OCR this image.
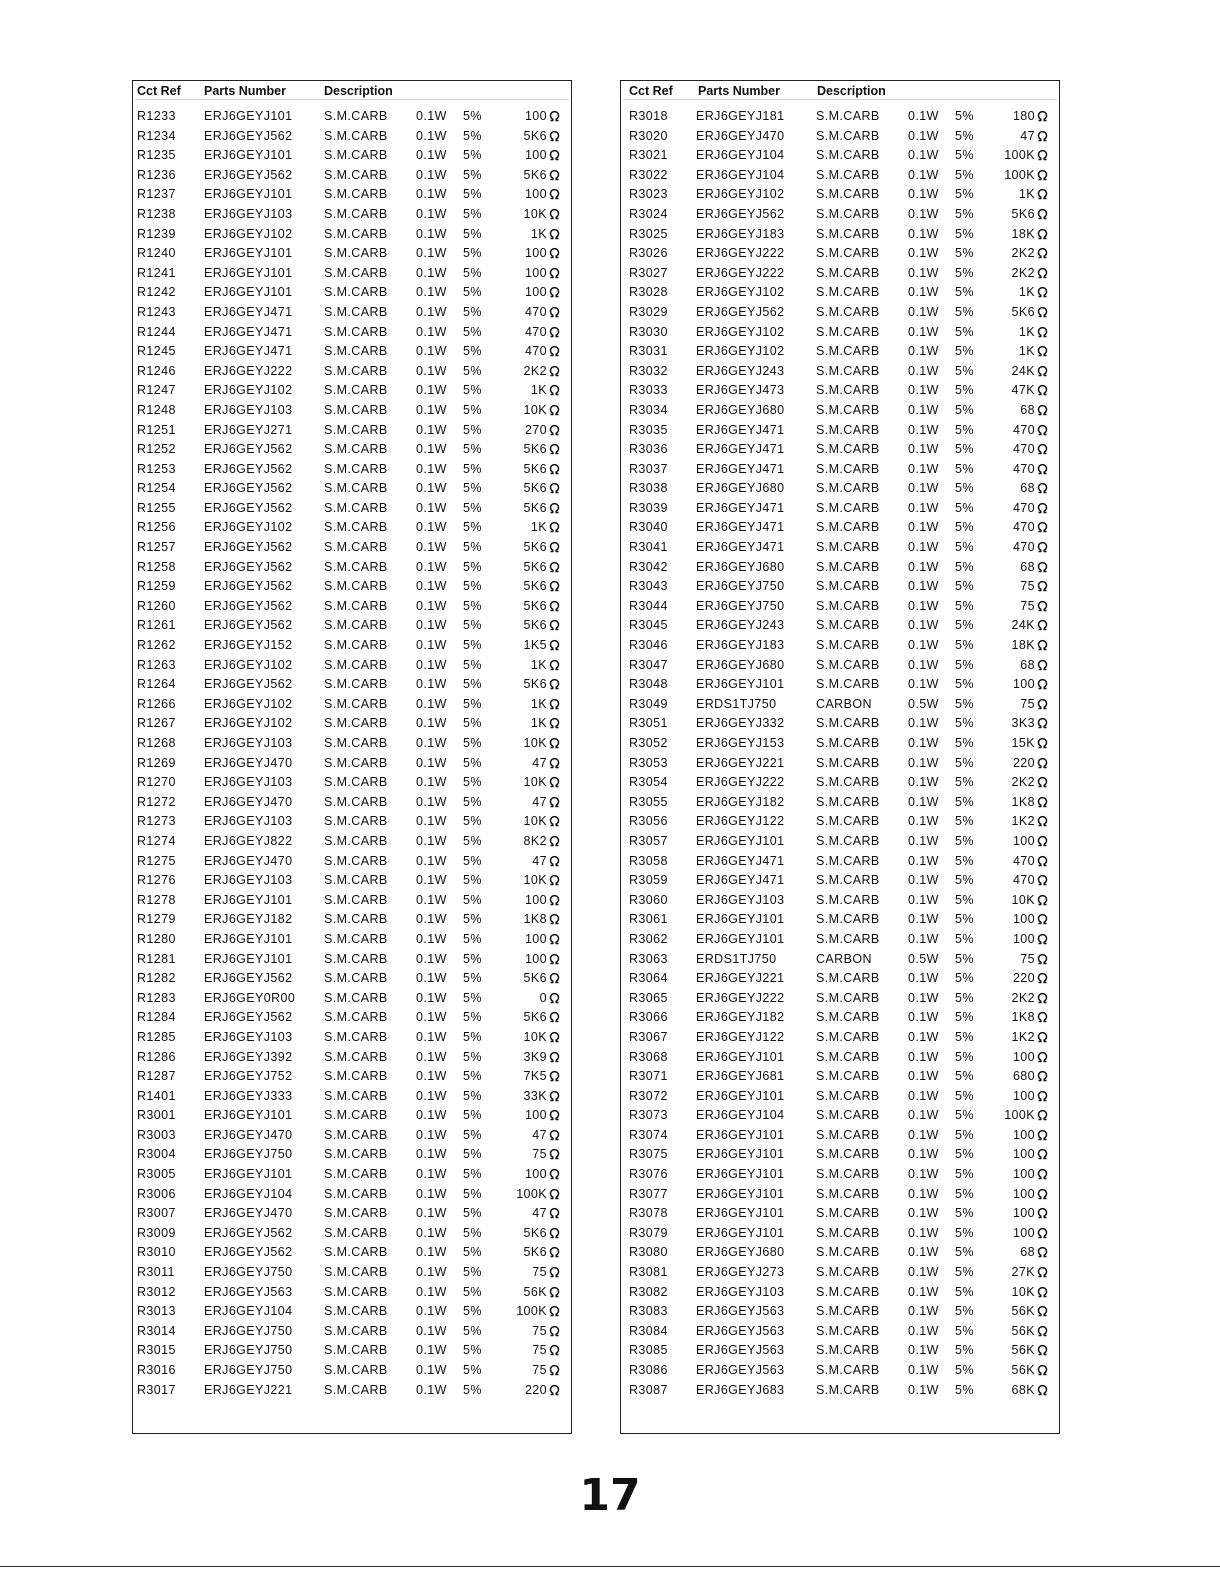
Cct Ref Parts Number	Description
R1233 ERJ6GEYJ101	S.M.CARB 0.1W 5%	100
R1234 ERJ6GEYJ562	S.M.CARB 0.1W 5%	5K6
R1235 ERJ6GEYJ101	S.M.CARB 0.1W 5%	100
R1236 ERJ6GEYJ562	S.M.CARB 0.1W 5%	5K6
R1237 ERJ6GEYJ101	S.M.CARB 0.1W 5%	100
R1238 ERJ6GEYJ103	S.M.CARB 0.1W 5%	10K
R1239 ERJ6GEYJ102	S.M.CARB 0.1W 5%	1K
R1240 ERJ6GEYJ101	S.M.CARB 0.1W 5%	100
R1241 ERJ6GEYJ101	S.M.CARB 0.1W 5%	100
R1242 ERJ6GEYJ101	S.M.CARB 0.1W 5%	100
R1243 ERJ6GEYJ471	S.M.CARB 0.1W 5%	470
R1244 ERJ6GEYJ471	S.M.CARB 0.1W 5%	470
R1245 ERJ6GEYJ471	S.M.CARB 0.1W 5%	470
R1246 ERJ6GEYJ222	S.M.CARB 0.1W 5%	2K2
R1247 ERJ6GEYJ102	S.M.CARB 0.1W 5%	1K
R1248 ERJ6GEYJ103	S.M.CARB 0.1W 5%	10K
R1251 ERJ6GEYJ271	S.M.CARB 0.1W 5%	270
R1252 ERJ6GEYJ562	S.M.CARB 0.1W 5%	5K6
R1253 ERJ6GEYJ562	S.M.CARB 0.1W 5%	5K6
R1254 ERJ6GEYJ562	S.M.CARB 0.1W 5%	5K6
R1255 ERJ6GEYJ562	S.M.CARB 0.1W 5%	5K6
R1256 ERJ6GEYJ102	S.M.CARB 0.1W 5%	1K
R1257 ERJ6GEYJ562	S.M.CARB 0.1W 5%	5K6
R1258 ERJ6GEYJ562	S.M.CARB 0.1W 5%	5K6
R1259 ERJ6GEYJ562	S.M.CARB 0.1W 5%	5K6
R1260 ERJ6GEYJ562	S.M.CARB 0.1W 5%	5K6
R1261 ERJ6GEYJ562	S.M.CARB 0.1W 5%	5K6
R1262 ERJ6GEYJ152	S.M.CARB 0.1W 5%	1K5
R1263 ERJ6GEYJ102	S.M.CARB 0.1W 5%	1K
R1264 ERJ6GEYJ562	S.M.CARB 0.1W 5%	5K6
R1266 ERJ6GEYJ102	S.M.CARB 0.1W 5%	1K
R1267 ERJ6GEYJ102	S.M.CARB 0.1W 5%	1K
R1268 ERJ6GEYJ103	S.M.CARB 0.1W 5%	10K
R1269 ERJ6GEYJ470	S.M.CARB 0.1W 5%	47
R1270 ERJ6GEYJ103	S.M.CARB 0.1W 5%	10K
R1272 ERJ6GEYJ470	S.M.CARB 0.1W 5%	47
R1273 ERJ6GEYJ103	S.M.CARB 0.1W 5%	10K
R1274 ERJ6GEYJ822	S.M.CARB 0.1W 5%	8K2
R1275 ERJ6GEYJ470	S.M.CARB 0.1W 5%	47
R1276 ERJ6GEYJ103	S.M.CARB 0.1W 5%	10K
R1278 ERJ6GEYJ101	S.M.CARB 0.1W 5%	100
R1279 ERJ6GEYJ182	S.M.CARB 0.1W 5%	1K8
R1280 ERJ6GEYJ101	S.M.CARB 0.1W 5%	100
R1281 ERJ6GEYJ101	S.M.CARB 0.1W 5%	100
R1282 ERJ6GEYJ562	S.M.CARB 0.1W 5%	5K6
R1283 ERJ6GEY0R00 S.M.CARB 0.1W 5%	0
R1284 ERJ6GEYJ562	S.M.CARB 0.1W 5%	5K6
R1285 ERJ6GEYJ103	S.M.CARB 0.1W 5%	10K
R1286 ERJ6GEYJ392	S.M.CARB 0.1W 5%	3K9
R1287 ERJ6GEYJ752	S.M.CARB 0.1W 5%	7K5
R1401 ERJ6GEYJ333	S.M.CARB 0.1W 5%	33K
R3001 ERJ6GEYJ101	S.M.CARB 0.1W 5%	100
R3003 ERJ6GEYJ470	S.M.CARB 0.1W 5%	47
R3004 ERJ6GEYJ750	S.M.CARB 0.1W 5%	75
R3005 ERJ6GEYJ101	S.M.CARB 0.1W 5%	100
R3006 ERJ6GEYJ104	S.M.CARB 0.1W 5%	100K
R3007 ERJ6GEYJ470	S.M.CARB 0.1W 5%	47
R3009 ERJ6GEYJ562	S.M.CARB 0.1W 5%	5K6
R3010 ERJ6GEYJ562	S.M.CARB 0.1W 5%	5K6
R3011 ERJ6GEYJ750	S.M.CARB 0.1W 5%	75
R3012 ERJ6GEYJ563	S.M.CARB 0.1W 5%	56K
R3013 ERJ6GEYJ104	S.M.CARB 0.1W 5%	100K
R3014 ERJ6GEYJ750	S.M.CARB 0.1W 5%	75
R3015 ERJ6GEYJ750	S.M.CARB 0.1W 5%	75
R3016 ERJ6GEYJ750	S.M.CARB 0.1W 5%	75
R3017 ERJ6GEYJ221	S.M.CARB 0.1W 5%	220
Cct Ref Parts Number	Description
R3018 ERJ6GEYJ181	S.M.CARB 0.1W 5%	180
R3020 ERJ6GEYJ470	S.M.CARB 0.1W 5%	47
R3021 ERJ6GEYJ104	S.M.CARB 0.1W 5% 100K
R3022 ERJ6GEYJ104	S.M.CARB 0.1W 5% 100K
R3023 ERJ6GEYJ102	S.M.CARB 0.1W 5%	1K
R3024 ERJ6GEYJ562	S.M.CARB 0.1W 5%	5K6
R3025 ERJ6GEYJ183	S.M.CARB 0.1W 5%	18K
R3026 ERJ6GEYJ222	S.M.CARB 0.1W 5%	2K2
R3027 ERJ6GEYJ222	S.M.CARB 0.1W 5%	2K2
R3028 ERJ6GEYJ102	S.M.CARB 0.1W 5%	1K
R3029 ERJ6GEYJ562	S.M.CARB 0.1W 5%	5K6
R3030 ERJ6GEYJ102	S.M.CARB 0.1W 5%	1K
R3031 ERJ6GEYJ102	S.M.CARB 0.1W 5%	1K
R3032 ERJ6GEYJ243	S.M.CARB 0.1W 5%	24K
R3033 ERJ6GEYJ473	S.M.CARB 0.1W 5%	47K
R3034 ERJ6GEYJ680	S.M.CARB 0.1W 5%	68
R3035 ERJ6GEYJ471	S.M.CARB 0.1W 5%	470
R3036 ERJ6GEYJ471	S.M.CARB 0.1W 5%	470
R3037 ERJ6GEYJ471	S.M.CARB 0.1W 5%	470
R3038 ERJ6GEYJ680	S.M.CARB 0.1W 5%	68
R3039 ERJ6GEYJ471	S.M.CARB 0.1W 5%	470
R3040 ERJ6GEYJ471	S.M.CARB 0.1W 5%	470
R3041 ERJ6GEYJ471	S.M.CARB 0.1W 5%	470
R3042 ERJ6GEYJ680	S.M.CARB 0.1W 5%	68
R3043 ERJ6GEYJ750	S.M.CARB 0.1W 5%	75
R3044 ERJ6GEYJ750	S.M.CARB 0.1W 5%	75
R3045 ERJ6GEYJ243	S.M.CARB 0.1W 5%	24K
R3046 ERJ6GEYJ183	S.M.CARB 0.1W 5%	18K
R3047 ERJ6GEYJ680	S.M.CARB 0.1W 5%	68
R3048 ERJ6GEYJ101	S.M.CARB 0.1W 5%	100
R3049 ERDS1TJ750	CARBON	0.5W 5%	75
R3051 ERJ6GEYJ332	S.M.CARB 0.1W 5%	3K3
R3052 ERJ6GEYJ153	S.M.CARB 0.1W 5%	15K
R3053 ERJ6GEYJ221	S.M.CARB 0.1W 5%	220
R3054 ERJ6GEYJ222	S.M.CARB 0.1W 5%	2K2
R3055 ERJ6GEYJ182	S.M.CARB 0.1W 5%	1K8
R3056 ERJ6GEYJ122	S.M.CARB 0.1W 5%	1K2
R3057 ERJ6GEYJ101	S.M.CARB 0.1W 5%	100
R3058 ERJ6GEYJ471	S.M.CARB 0.1W 5%	470
R3059 ERJ6GEYJ471	S.M.CARB 0.1W 5%	470
R3060 ERJ6GEYJ103	S.M.CARB 0.1W 5%	10K
R3061 ERJ6GEYJ101	S.M.CARB 0.1W 5%	100
R3062 ERJ6GEYJ101	S.M.CARB 0.1W 5%	100
R3063 ERDS1TJ750	CARBON	0.5W 5%	75
R3064 ERJ6GEYJ221	S.M.CARB 0.1W 5%	220
R3065 ERJ6GEYJ222	S.M.CARB 0.1W 5%	2K2
R3066 ERJ6GEYJ182	S.M.CARB 0.1W 5%	1K8
R3067 ERJ6GEYJ122	S.M.CARB 0.1W 5%	1K2
R3068 ERJ6GEYJ101	S.M.CARB 0.1W 5%	100
R3071 ERJ6GEYJ681	S.M.CARB 0.1W 5%	680
R3072 ERJ6GEYJ101	S.M.CARB 0.1W 5%	100
R3073 ERJ6GEYJ104	S.M.CARB 0.1W 5% 100K
R3074 ERJ6GEYJ101	S.M.CARB 0.1W 5%	100
R3075 ERJ6GEYJ101	S.M.CARB 0.1W 5%	100
R3076 ERJ6GEYJ101	S.M.CARB 0.1W 5%	100
R3077 ERJ6GEYJ101	S.M.CARB 0.1W 5%	100
R3078 ERJ6GEYJ101	S.M.CARB 0.1W 5%	100
R3079 ERJ6GEYJ101	S.M.CARB 0.1W 5%	100
R3080 ERJ6GEYJ680	S.M.CARB 0.1W 5%	68
R3081 ERJ6GEYJ273	S.M.CARB 0.1W 5%	27K
R3082 ERJ6GEYJ103	S.M.CARB 0.1W 5%	10K
R3083 ERJ6GEYJ563	S.M.CARB 0.1W 5%	56K
R3084 ERJ6GEYJ563	S.M.CARB 0.1W 5%	56K
R3085 ERJ6GEYJ563	S.M.CARB 0.1W 5%	56K
R3086 ERJ6GEYJ563	S.M.CARB 0.1W 5%	56K
R3087 ERJ6GEYJ683	S.M.CARB 0.1W 5%	68K
17
